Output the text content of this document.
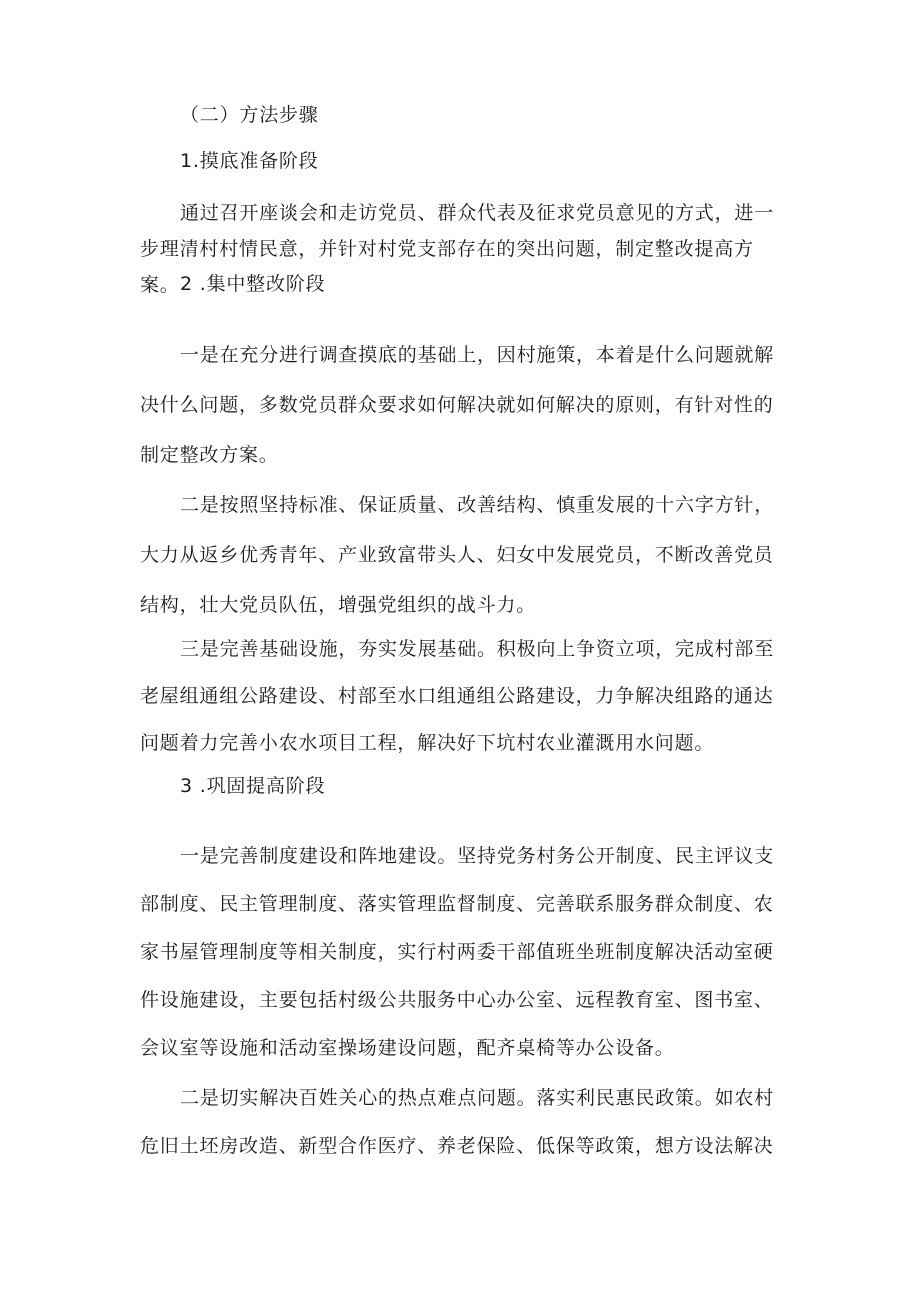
（二）方法步骤

1.摸底准备阶段

通过召开座谈会和走访党员、群众代表及征求党员意见的方式，进一步理清村村情民意，并针对村党支部存在的突出问题，制定整改提高方案。 2 .集中整改阶段

一是在充分进行调查摸底的基础上，因村施策，本着是什么问题就解决什么问题，多数党员群众要求如何解决就如何解决的原则，有针对性的制定整改方案。

二是按照坚持标准、保证质量、改善结构、慎重发展的十六字方针，大力从返乡优秀青年、产业致富带头人、妇女中发展党员，不断改善党员结构，壮大党员队伍，增强党组织的战斗力。

三是完善基础设施，夯实发展基础。积极向上争资立项，完成村部至老屋组通组公路建设、村部至水口组通组公路建设，力争解决组路的通达问题着力完善小农水项目工程，解决好下坑村农业灌溉用水问题。

3 .巩固提高阶段

一是完善制度建设和阵地建设。坚持党务村务公开制度、民主评议支部制度、民主管理制度、落实管理监督制度、完善联系服务群众制度、农家书屋管理制度等相关制度，实行村两委干部值班坐班制度解决活动室硬件设施建设，主要包括村级公共服务中心办公室、远程教育室、图书室、会议室等设施和活动室操场建设问题，配齐桌椅等办公设备。

二是切实解决百姓关心的热点难点问题。落实利民惠民政策。如农村危旧土坯房改造、新型合作医疗、养老保险、低保等政策，想方设法解决
